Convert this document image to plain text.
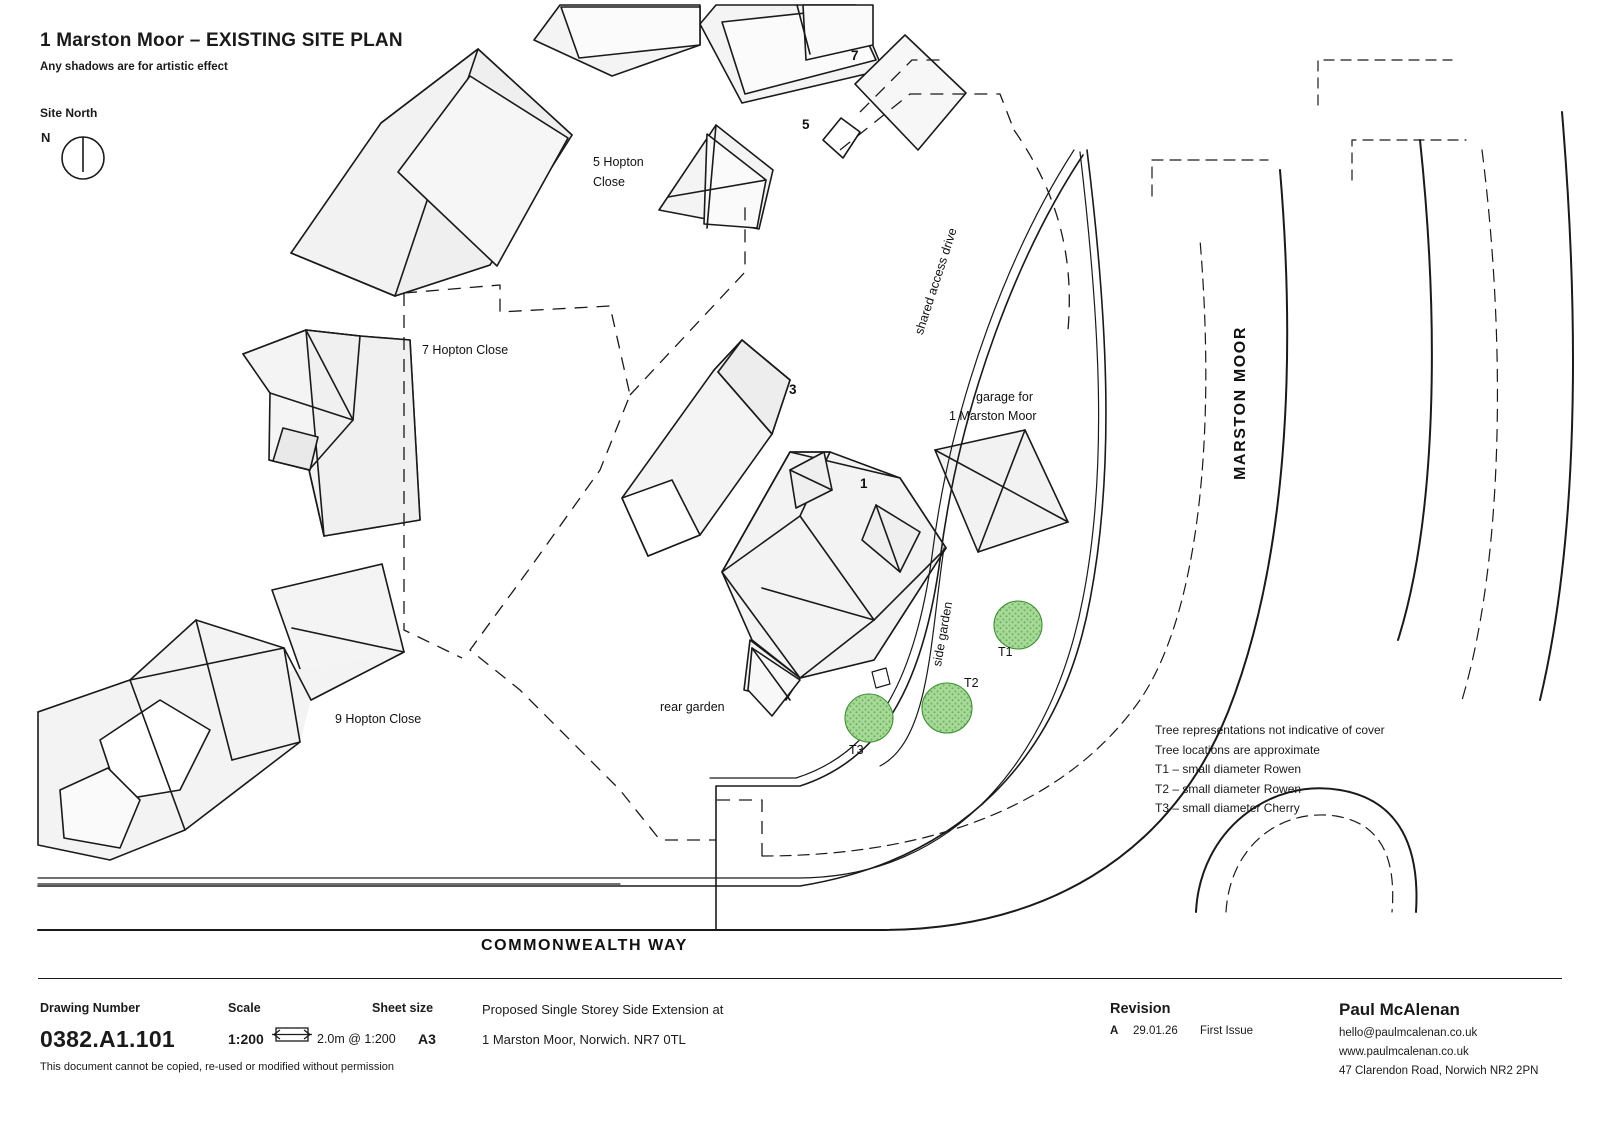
1 Marston Moor – EXISTING SITE PLAN
Any shadows are for artistic effect
Site North
N
5 Hopton
Close
7 Hopton Close
9 Hopton Close
7
5
3
1
shared access drive
garage for
1 Marston Moor
side garden
rear garden
T1
T2
T3
MARSTON MOOR
COMMONWEALTH WAY
Tree representations not indicative of cover
Tree locations are approximate
T1 – small diameter Rowen
T2 – small diameter Rowen
T3 – small diameter Cherry
Drawing Number
0382.A1.101
Scale
1:200	2.0m @ 1:200
Sheet size
A3
This document cannot be copied, re-used or modified without permission
Proposed Single Storey Side Extension at
1 Marston Moor, Norwich. NR7 0TL
Revision
A 29.01.26 First Issue
Paul McAlenan
hello@paulmcalenan.co.uk
www.paulmcalenan.co.uk
47 Clarendon Road, Norwich NR2 2PN
